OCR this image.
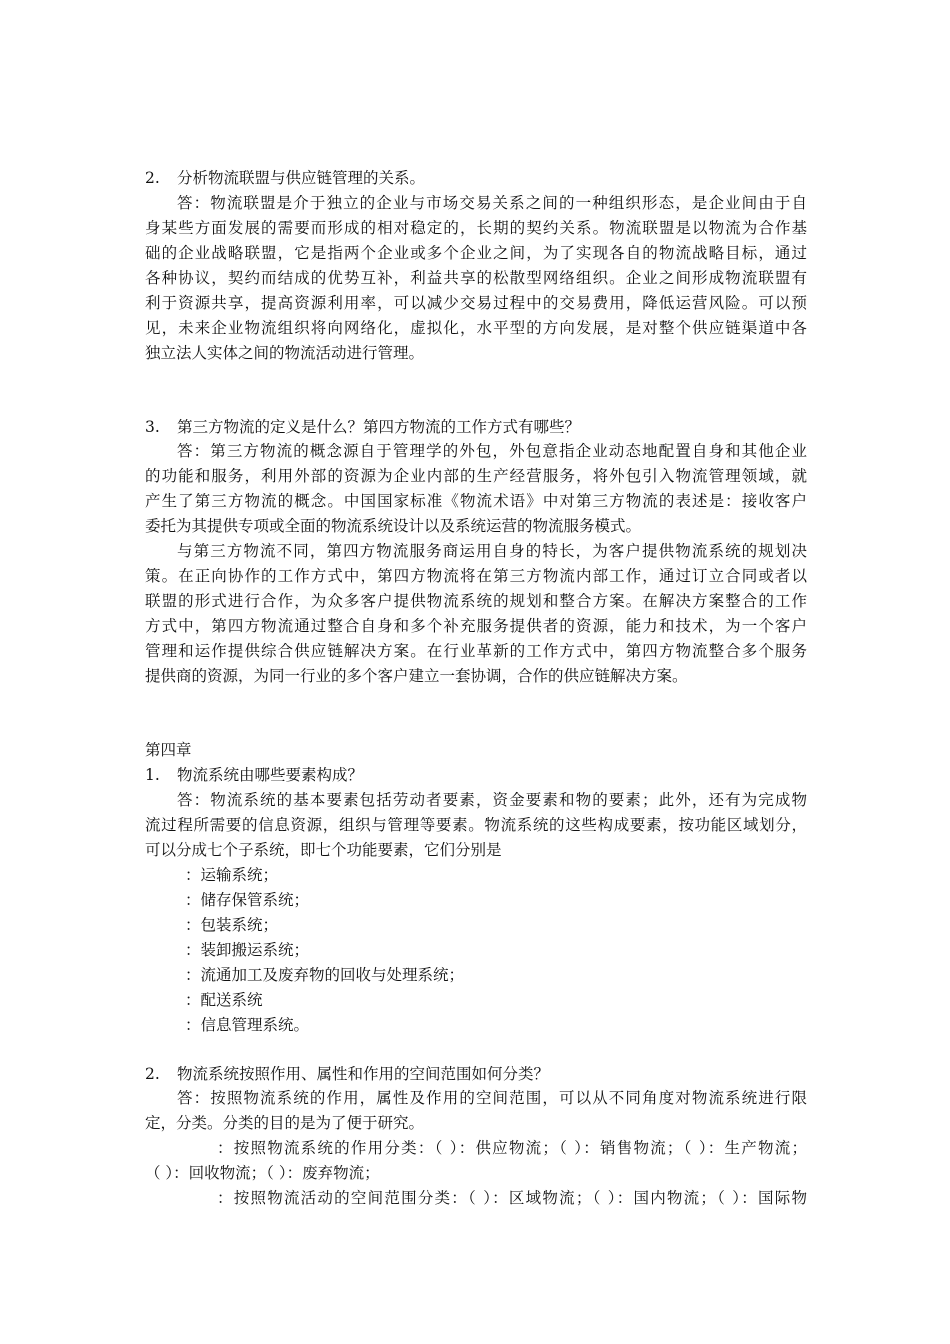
2. 分析物流联盟与供应链管理的关系。
答：物流联盟是介于独立的企业与市场交易关系之间的一种组织形态，是企业间由于自
身某些方面发展的需要而形成的相对稳定的，长期的契约关系。物流联盟是以物流为合作基
础的企业战略联盟，它是指两个企业或多个企业之间，为了实现各自的物流战略目标，通过
各种协议，契约而结成的优势互补，利益共享的松散型网络组织。企业之间形成物流联盟有
利于资源共享，提高资源利用率，可以减少交易过程中的交易费用，降低运营风险。可以预
见，未来企业物流组织将向网络化，虚拟化，水平型的方向发展，是对整个供应链渠道中各
独立法人实体之间的物流活动进行管理。
3. 第三方物流的定义是什么？第四方物流的工作方式有哪些？
答：第三方物流的概念源自于管理学的外包，外包意指企业动态地配置自身和其他企业
的功能和服务，利用外部的资源为企业内部的生产经营服务，将外包引入物流管理领域，就
产生了第三方物流的概念。中国国家标准《物流术语》中对第三方物流的表述是：接收客户
委托为其提供专项或全面的物流系统设计以及系统运营的物流服务模式。
与第三方物流不同，第四方物流服务商运用自身的特长，为客户提供物流系统的规划决
策。在正向协作的工作方式中，第四方物流将在第三方物流内部工作，通过订立合同或者以
联盟的形式进行合作，为众多客户提供物流系统的规划和整合方案。在解决方案整合的工作
方式中，第四方物流通过整合自身和多个补充服务提供者的资源，能力和技术，为一个客户
管理和运作提供综合供应链解决方案。在行业革新的工作方式中，第四方物流整合多个服务
提供商的资源，为同一行业的多个客户建立一套协调，合作的供应链解决方案。
第四章
1. 物流系统由哪些要素构成？
答：物流系统的基本要素包括劳动者要素，资金要素和物的要素；此外，还有为完成物
流过程所需要的信息资源，组织与管理等要素。物流系统的这些构成要素，按功能区域划分，
可以分成七个子系统，即七个功能要素，它们分别是
：运输系统；
：储存保管系统；
：包装系统；
：装卸搬运系统；
：流通加工及废弃物的回收与处理系统；
：配送系统
：信息管理系统。
2. 物流系统按照作用、属性和作用的空间范围如何分类？
答：按照物流系统的作用，属性及作用的空间范围，可以从不同角度对物流系统进行限
定，分类。分类的目的是为了便于研究。
：按照物流系统的作用分类：（ ）：供应物流；（ ）：销售物流；（ ）：生产物流；
（ ）：回收物流；（ ）：废弃物流；
：按照物流活动的空间范围分类：（ ）：区域物流；（ ）：国内物流；（ ）：国际物
